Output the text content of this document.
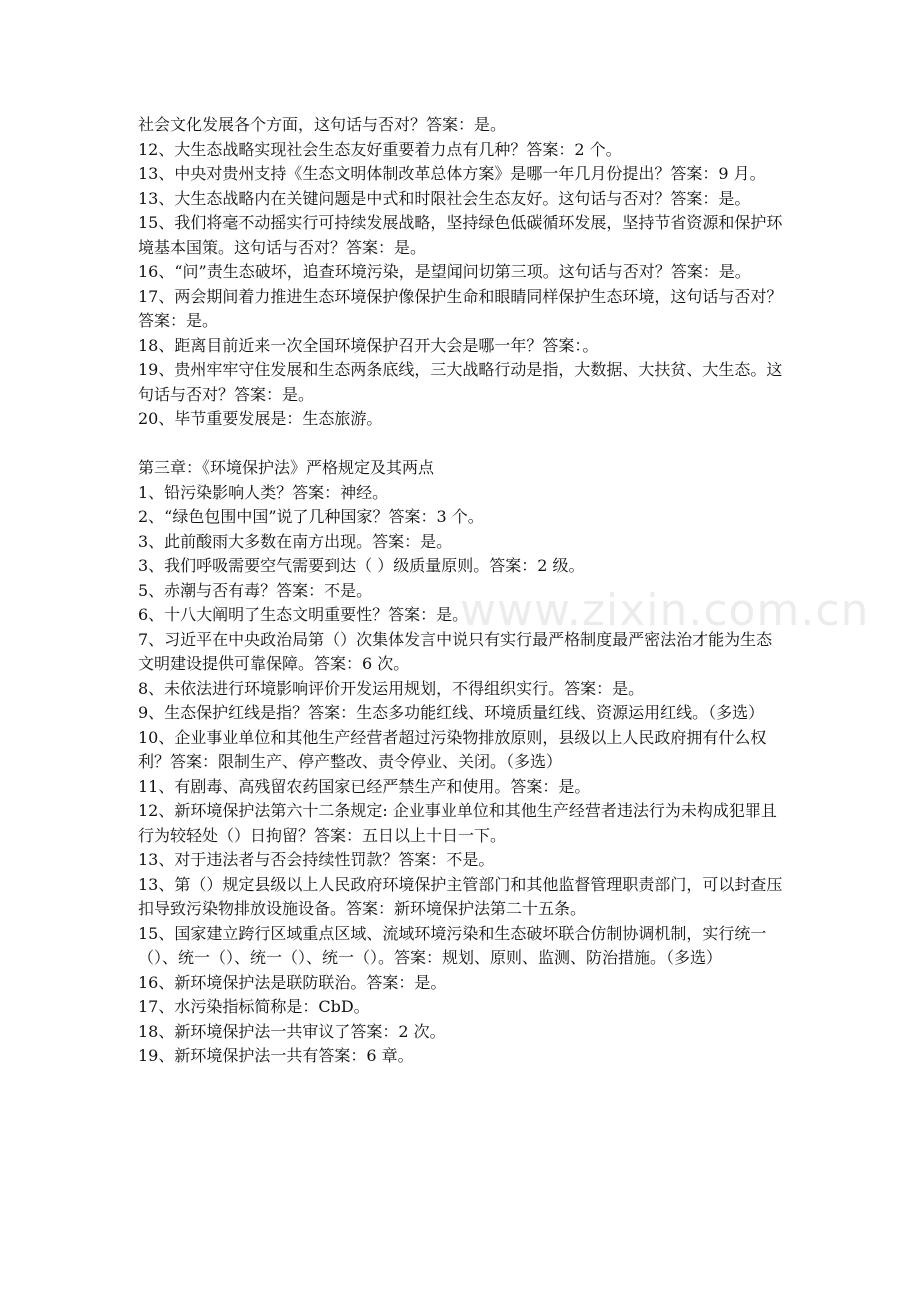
www.zixin.com.cn

社会文化发展各个方面，这句话与否对？答案：是。

12、大生态战略实现社会生态友好重要着力点有几种？答案：2 个。

13、中央对贵州支持《生态文明体制改革总体方案》是哪一年几月份提出？答案：9 月。

13、大生态战略内在关键问题是中式和时限社会生态友好。这句话与否对？答案：是。

15、我们将毫不动摇实行可持续发展战略，坚持绿色低碳循环发展，坚持节省资源和保护环境基本国策。这句话与否对？答案：是。

16、“问”责生态破坏，追查环境污染，是望闻问切第三项。这句话与否对？答案：是。

17、两会期间着力推进生态环境保护像保护生命和眼睛同样保护生态环境，这句话与否对？答案：是。

18、距离目前近来一次全国环境保护召开大会是哪一年？答案：。

19、贵州牢牢守住发展和生态两条底线，三大战略行动是指，大数据、大扶贫、大生态。这句话与否对？答案：是。

20、毕节重要发展是：生态旅游。

第三章：《环境保护法》严格规定及其两点

1、铅污染影响人类？答案：神经。

2、“绿色包围中国”说了几种国家？答案：3 个。

3、此前酸雨大多数在南方出现。答案：是。

3、我们呼吸需要空气需要到达（ ）级质量原则。答案：2 级。

5、赤潮与否有毒？答案：不是。

6、十八大阐明了生态文明重要性？答案：是。

7、习近平在中央政治局第（）次集体发言中说只有实行最严格制度最严密法治才能为生态文明建设提供可靠保障。答案：6 次。

8、未依法进行环境影响评价开发运用规划，不得组织实行。答案：是。

9、生态保护红线是指？答案：生态多功能红线、环境质量红线、资源运用红线。（多选）

10、企业事业单位和其他生产经营者超过污染物排放原则，县级以上人民政府拥有什么权利？答案：限制生产、停产整改、责令停业、关闭。（多选）

11、有剧毒、高残留农药国家已经严禁生产和使用。答案：是。

12、新环境保护法第六十二条规定: 企业事业单位和其他生产经营者违法行为未构成犯罪且行为较轻处（）日拘留？答案：五日以上十日一下。

13、对于违法者与否会持续性罚款？答案：不是。

13、第（）规定县级以上人民政府环境保护主管部门和其他监督管理职责部门，可以封查压扣导致污染物排放设施设备。答案：新环境保护法第二十五条。

15、国家建立跨行区域重点区域、流域环境污染和生态破坏联合仿制协调机制，实行统一（）、统一（）、统一（）、统一（）。答案：规划、原则、监测、防治措施。（多选）

16、新环境保护法是联防联治。答案：是。

17、水污染指标简称是：CbD。

18、新环境保护法一共审议了答案：2 次。

19、新环境保护法一共有答案：6 章。
